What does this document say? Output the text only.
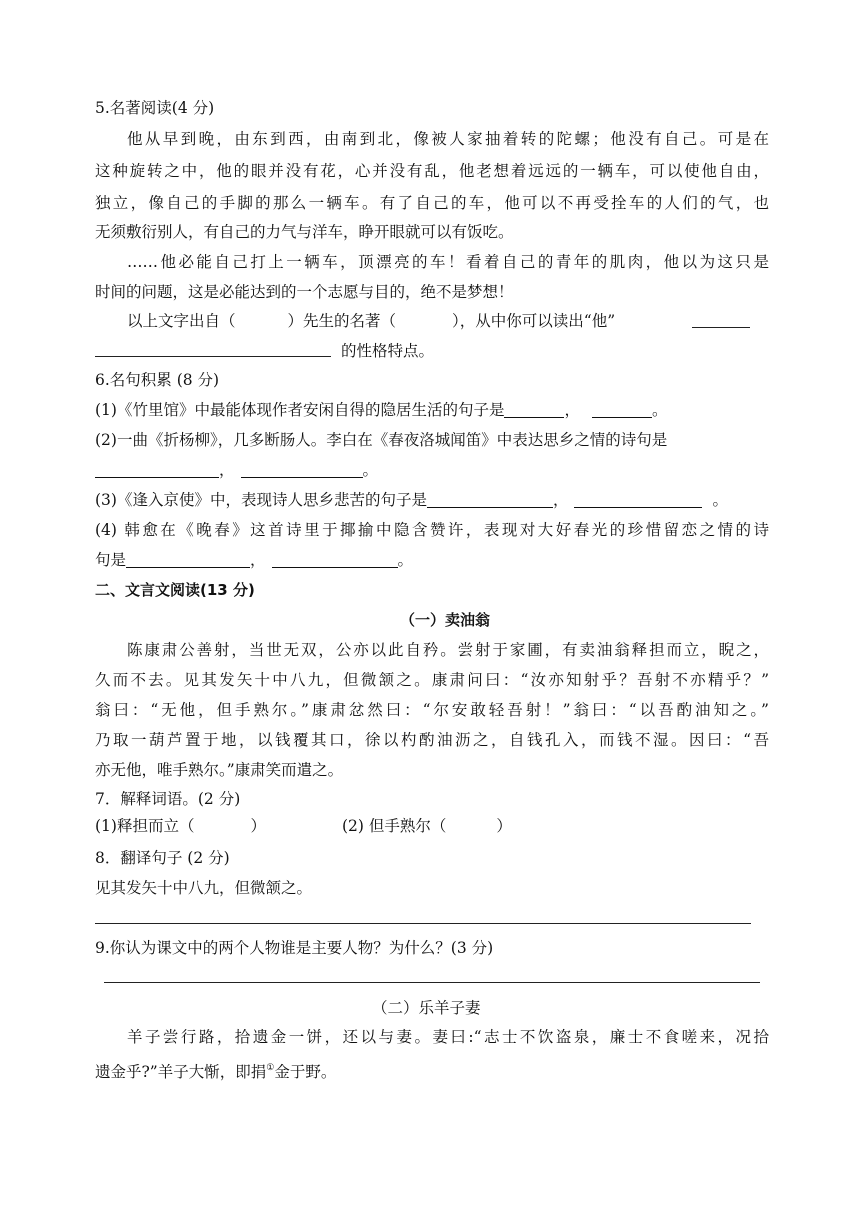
5.名著阅读(4 分)
他从早到晚，由东到西，由南到北，像被人家抽着转的陀螺；他没有自己。可是在
这种旋转之中，他的眼并没有花，心并没有乱，他老想着远远的一辆车，可以使他自由，
独立，像自己的手脚的那么一辆车。有了自己的车，他可以不再受拴车的人们的气，也
无须敷衍别人，有自己的力气与洋车，睁开眼就可以有饭吃。
……他必能自己打上一辆车，顶漂亮的车！看着自己的青年的肌肉，他以为这只是
时间的问题，这是必能达到的一个志愿与目的，绝不是梦想！
以上文字出自（	）先生的名著（	），从中你可以读出“他”
的性格特点。
6.名句积累 (8 分)
(1)《竹里馆》中最能体现作者安闲自得的隐居生活的句子是	，	。
(2)一曲《折杨柳》，几多断肠人。李白在《春夜洛城闻笛》中表达思乡之情的诗句是
，	。
(3)《逢入京使》中，表现诗人思乡悲苦的句子是	，	。
(4) 韩愈在《晚春》这首诗里于揶揄中隐含赞许，表现对大好春光的珍惜留恋之情的诗
句是	，	。
二、文言文阅读(13 分)
（一）卖油翁
陈康肃公善射，当世无双，公亦以此自矜。尝射于家圃，有卖油翁释担而立，睨之，
久而不去。见其发矢十中八九，但微颔之。康肃问曰：“汝亦知射乎？吾射不亦精乎？”
翁曰：“无他，但手熟尔。”康肃忿然曰：“尔安敢轻吾射！”翁曰：“以吾酌油知之。”
乃取一葫芦置于地，以钱覆其口，徐以杓酌油沥之，自钱孔入，而钱不湿。因曰：“吾
亦无他，唯手熟尔。”康肃笑而遣之。
7．解释词语。(2 分)
(1)释担而立（	）	(2) 但手熟尔（	）
8．翻译句子 (2 分)
见其发矢十中八九，但微颔之。
9.你认为课文中的两个人物谁是主要人物？为什么？(3 分)
（二）乐羊子妻
羊子尝行路，拾遗金一饼，还以与妻。妻曰:“志士不饮盗泉，廉士不食嗟来，况拾
遗金乎?”羊子大惭，即捐①金于野。
